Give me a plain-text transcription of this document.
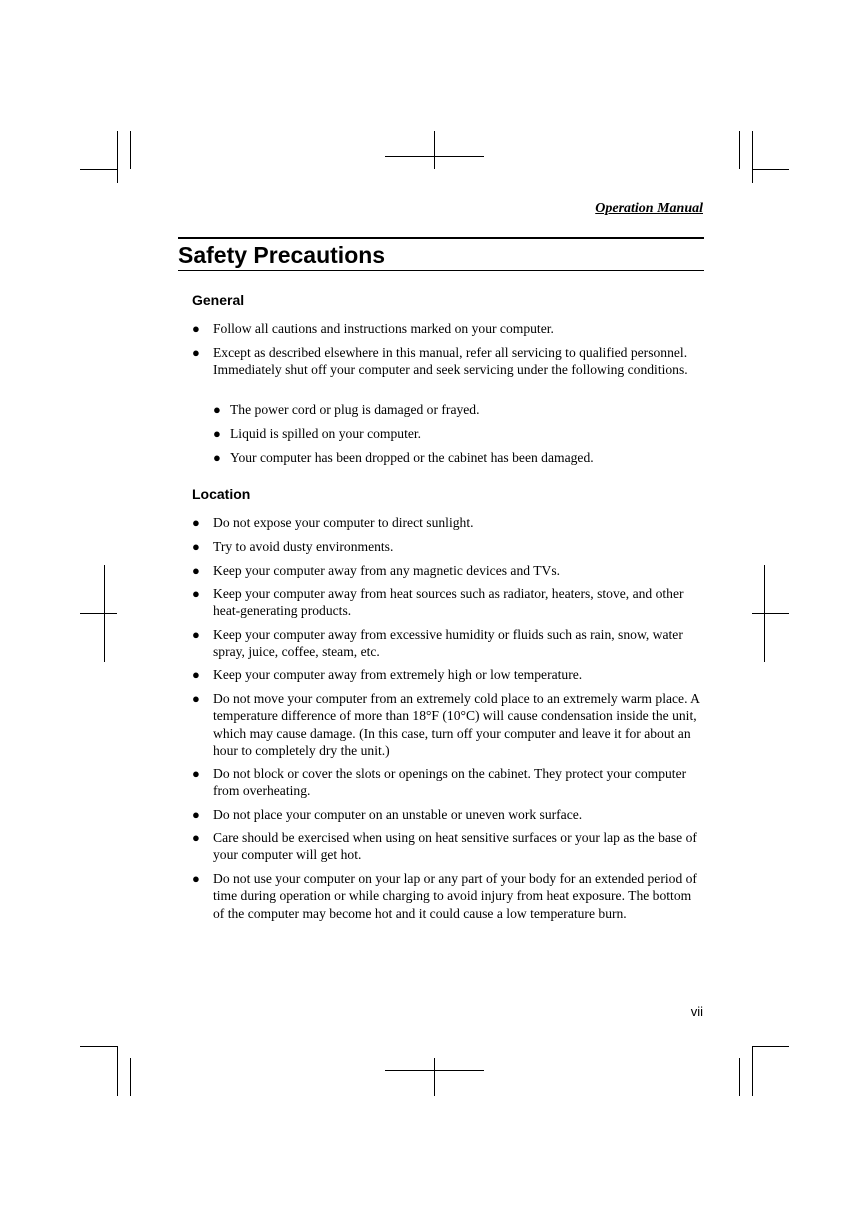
Operation Manual
Safety Precautions
General
● Follow all cautions and instructions marked on your computer.
● Except as described elsewhere in this manual, refer all servicing to qualified personnel. Immediately shut off your computer and seek servicing under the following conditions.
● The power cord or plug is damaged or frayed.
● Liquid is spilled on your computer.
● Your computer has been dropped or the cabinet has been damaged.
Location
● Do not expose your computer to direct sunlight.
● Try to avoid dusty environments.
● Keep your computer away from any magnetic devices and TVs.
● Keep your computer away from heat sources such as radiator, heaters, stove, and other heat-generating products.
● Keep your computer away from excessive humidity or fluids such as rain, snow, water spray, juice, coffee, steam, etc.
● Keep your computer away from extremely high or low temperature.
● Do not move your computer from an extremely cold place to an extremely warm place. A temperature difference of more than 18°F (10°C) will cause condensation inside the unit, which may cause damage. (In this case, turn off your computer and leave it for about an hour to completely dry the unit.)
● Do not block or cover the slots or openings on the cabinet. They protect your computer from overheating.
● Do not place your computer on an unstable or uneven work surface.
● Care should be exercised when using on heat sensitive surfaces or your lap as the base of your computer will get hot.
● Do not use your computer on your lap or any part of your body for an extended period of time during operation or while charging to avoid injury from heat exposure. The bottom of the computer may become hot and it could cause a low temperature burn.
vii
